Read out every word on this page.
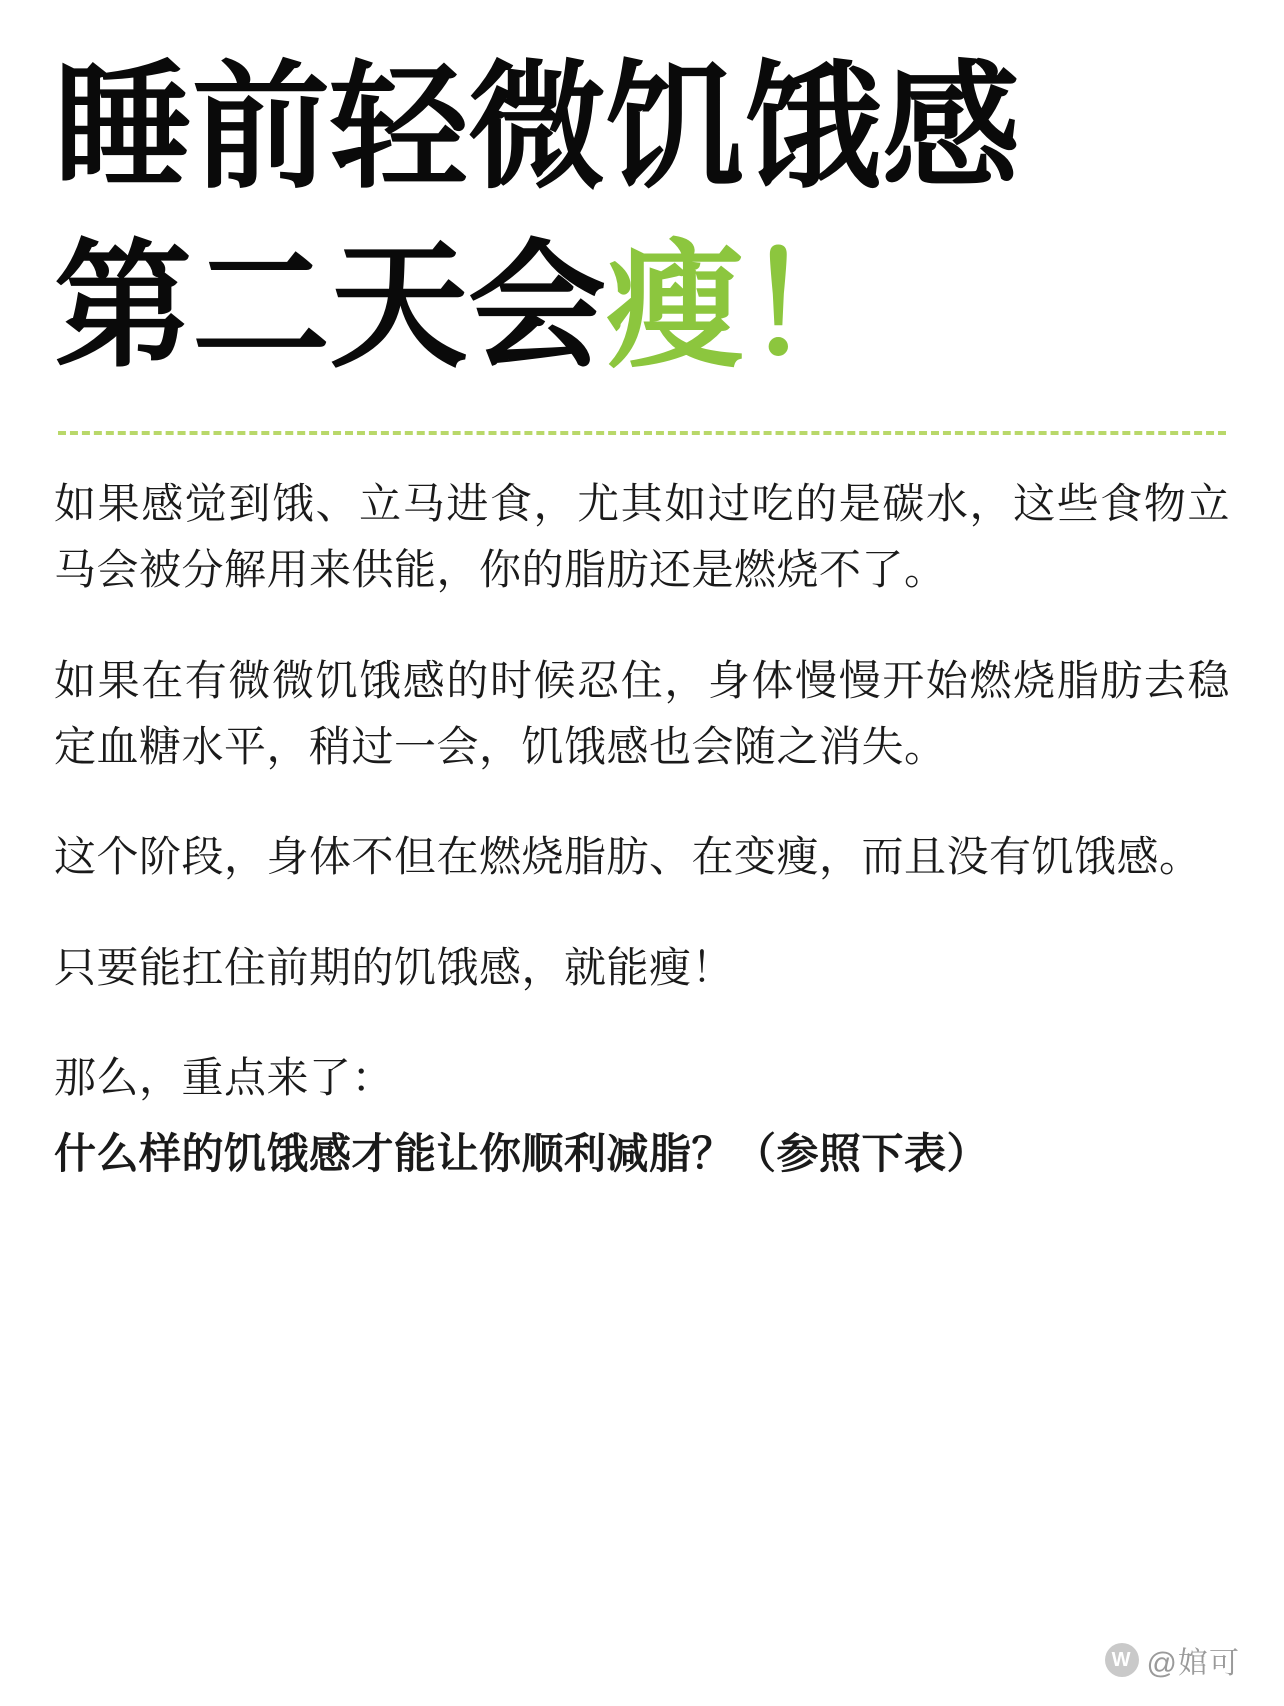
睡前轻微饥饿感
第二天会瘦！

如果感觉到饿、立马进食，尤其如过吃的是碳水，这些食物立马会被分解用来供能，你的脂肪还是燃烧不了。

如果在有微微饥饿感的时候忍住，身体慢慢开始燃烧脂肪去稳定血糖水平，稍过一会，饥饿感也会随之消失。

这个阶段，身体不但在燃烧脂肪、在变瘦，而且没有饥饿感。

只要能扛住前期的饥饿感，就能瘦！

那么，重点来了：

什么样的饥饿感才能让你顺利减脂？（参照下表）

W @婠可
